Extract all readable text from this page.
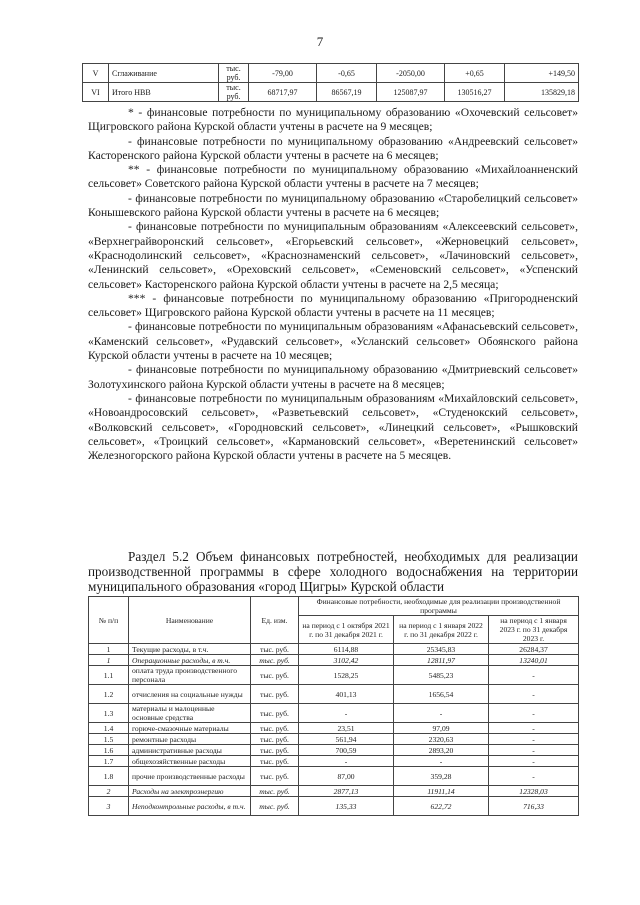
7
V	Сглаживание	тыс. руб.	-79,00	-0,65	-2050,00	+0,65	+149,50
VI	Итого НВВ	тыс. руб.	68717,97	86567,19	125087,97	130516,27	135829,18

* - финансовые потребности по муниципальному образованию «Охочевский сельсовет» Щигровского района Курской области учтены в расчете на 9 месяцев;

- финансовые потребности по муниципальному образованию «Андреевский сельсовет» Касторенского района Курской области учтены в расчете на 6 месяцев;

** - финансовые потребности по муниципальному образованию «Михайлоанненский сельсовет» Советского района Курской области учтены в расчете на 7 месяцев;

- финансовые потребности по муниципальному образованию «Старобелицкий сельсовет» Конышевского района Курской области учтены в расчете на 6 месяцев;

- финансовые потребности по муниципальным образованиям «Алексеевский сельсовет», «Верхнеграйворонский сельсовет», «Егорьевский сельсовет», «Жерновецкий сельсовет», «Краснодолинский сельсовет», «Краснознаменский сельсовет», «Лачиновский сельсовет», «Ленинский сельсовет», «Ореховский сельсовет», «Семеновский сельсовет», «Успенский сельсовет» Касторенского района Курской области учтены в расчете на 2,5 месяца;

*** - финансовые потребности по муниципальному образованию «Пригородненский сельсовет» Щигровского района Курской области учтены в расчете на 11 месяцев;

- финансовые потребности по муниципальным образованиям «Афанасьевский сельсовет», «Каменский сельсовет», «Рудавский сельсовет», «Усланский сельсовет» Обоянского района Курской области учтены в расчете на 10 месяцев;

- финансовые потребности по муниципальному образованию «Дмитриевский сельсовет» Золотухинского района Курской области учтены в расчете на 8 месяцев;

- финансовые потребности по муниципальным образованиям «Михайловский сельсовет», «Новоандросовский сельсовет», «Разветьевский сельсовет», «Студенокский сельсовет», «Волковский сельсовет», «Городновский сельсовет», «Линецкий сельсовет», «Рышковский сельсовет», «Троицкий сельсовет», «Кармановский сельсовет», «Веретенинский сельсовет» Железногорского района Курской области учтены в расчете на 5 месяцев.

Раздел 5.2 Объем финансовых потребностей, необходимых для реализации производственной программы в сфере холодного водоснабжения на территории муниципального образования «город Щигры» Курской области

№ п/п	Наименование	Ед. изм.	Финансовые потребности, необходимые для реализации производственной программы		
			на период с 1 октября 2021 г. по 31 декабря 2021 г.	на период с 1 января 2022 г. по 31 декабря 2022 г.	на период с 1 января 2023 г. по 31 декабря 2023 г.
1	Текущие расходы, в т.ч.	тыс. руб.	6114,88	25345,83	26284,37
1	Операционные расходы, в т.ч.	тыс. руб.	3102,42	12811,97	13240,01
1.1	оплата труда производственного персонала	тыс. руб.	1528,25	5485,23	-
1.2	отчисления на социальные нужды	тыс. руб.	401,13	1656,54	-
1.3	материалы и малоценные основные средства	тыс. руб.	-	-	-
1.4	горюче-смазочные материалы	тыс. руб.	23,51	97,09	-
1.5	ремонтные расходы	тыс. руб.	561,94	2320,63	-
1.6	административные расходы	тыс. руб.	700,59	2893,20	-
1.7	общехозяйственные расходы	тыс. руб.	-	-	-
1.8	прочие производственные расходы	тыс. руб.	87,00	359,28	-
2	Расходы на электроэнергию	тыс. руб.	2877,13	11911,14	12328,03
3	Неподконтрольные расходы, в т.ч.	тыс. руб.	135,33	622,72	716,33
